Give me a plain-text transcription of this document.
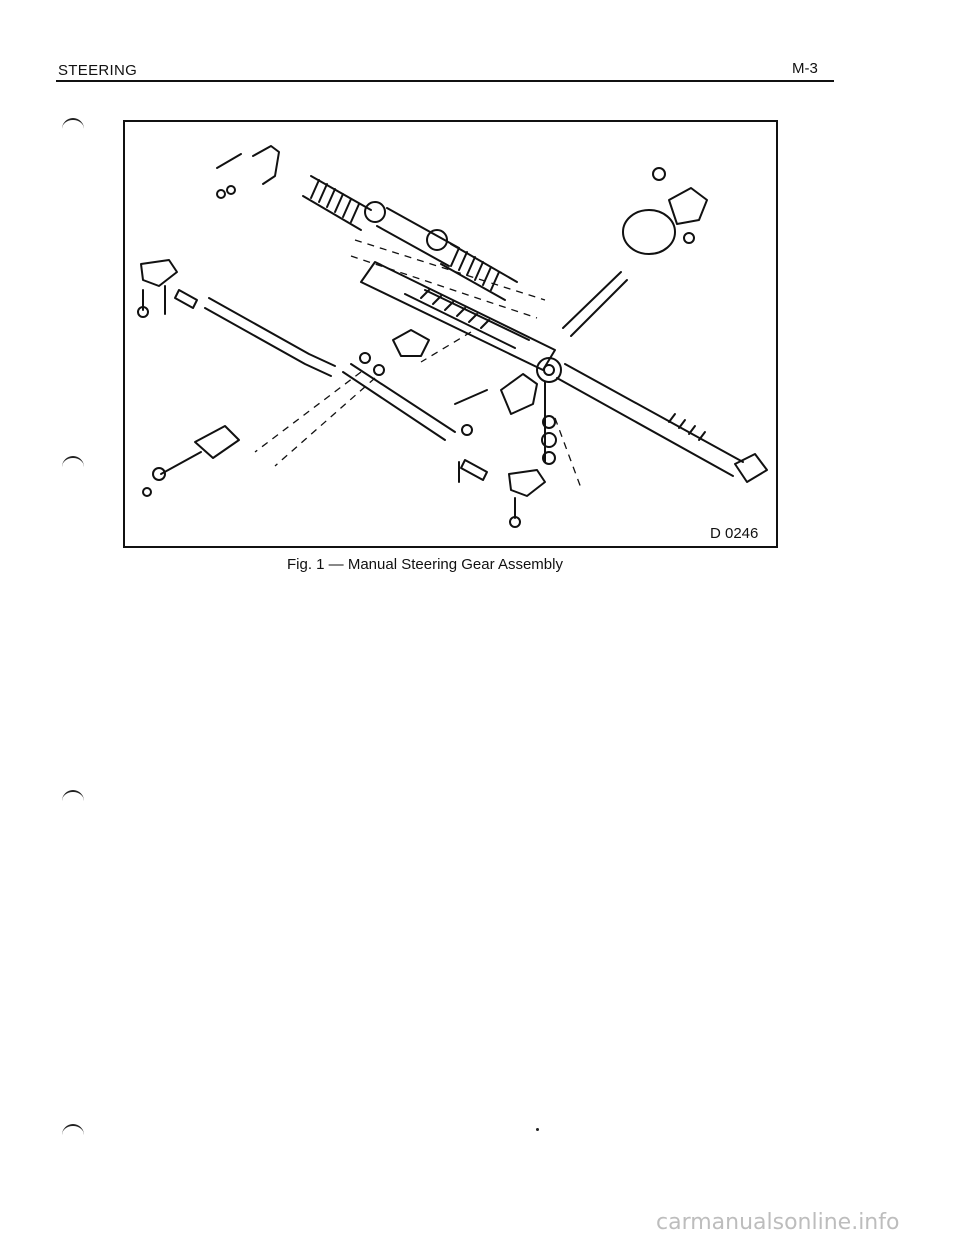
STEERING	M-3
D 0246
Fig. 1 — Manual Steering Gear Assembly
carmanualsonline.info
